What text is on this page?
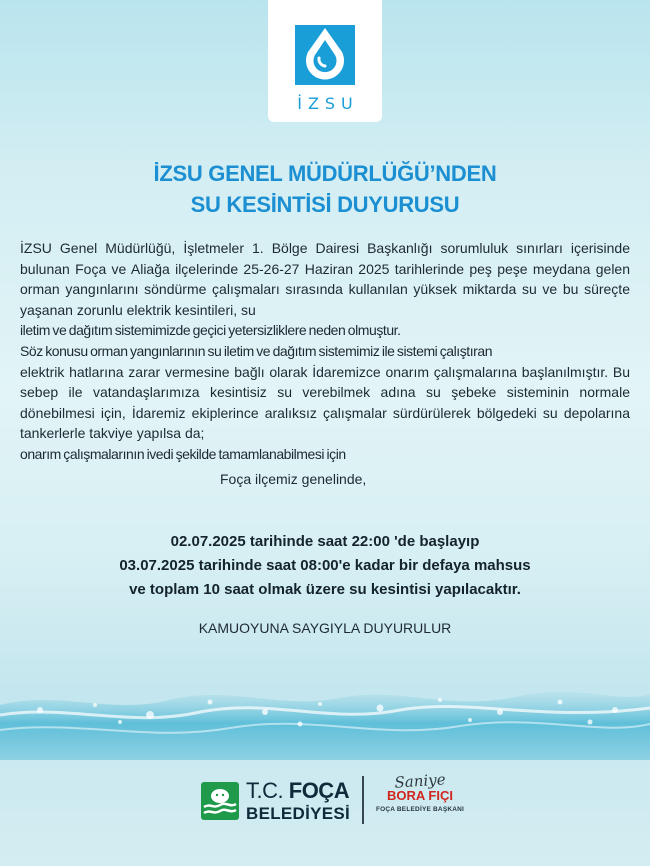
İZSU
İZSU GENEL MÜDÜRLÜĞÜ’NDEN
SU KESİNTİSİ DUYURUSU

İZSU Genel Müdürlüğü, İşletmeler 1. Bölge Dairesi Başkanlığı sorumluluk sınırları içerisinde bulunan Foça ve Aliağa ilçelerinde 25-26-27 Haziran 2025 tarihlerinde peş peşe meydana gelen orman yangınlarını söndürme çalışmaları sırasında kullanılan yüksek miktarda su ve bu süreçte yaşanan zorunlu elektrik kesintileri, su

iletim ve dağıtım sistemimizde geçici yetersizliklere neden olmuştur.

Söz konusu orman yangınlarının su iletim ve dağıtım sistemimiz ile sistemi çalıştıran

elektrik hatlarına zarar vermesine bağlı olarak İdaremizce onarım çalışmalarına başlanılmıştır. Bu sebep ile vatandaşlarımıza kesintisiz su verebilmek adına su şebeke sisteminin normale dönebilmesi için, İdaremiz ekiplerince aralıksız çalışmalar sürdürülerek bölgedeki su depolarına tankerlerle takviye yapılsa da;

onarım çalışmalarının ivedi şekilde tamamlanabilmesi için

Foça ilçemiz genelinde,

02.07.2025 tarihinde saat 22:00 'de başlayıp
03.07.2025 tarihinde saat 08:00'e kadar bir defaya mahsus
ve toplam 10 saat olmak üzere su kesintisi yapılacaktır.
KAMUOYUNA SAYGIYLA DUYURULUR
T.C. FOÇA
BELEDİYESİ
Saniye
BORA FIÇI
FOÇA BELEDİYE BAŞKANI
